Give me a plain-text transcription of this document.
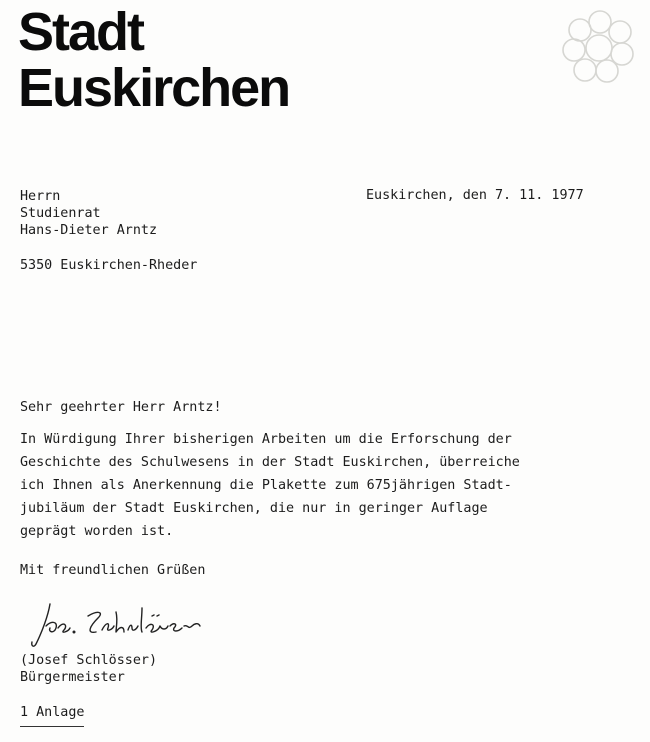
Stadt
Euskirchen
Herrn
Studienrat
Hans-Dieter Arntz
5350 Euskirchen-Rheder
Euskirchen, den 7. 11. 1977
Sehr geehrter Herr Arntz!
In Würdigung Ihrer bisherigen Arbeiten um die Erforschung der
Geschichte des Schulwesens in der Stadt Euskirchen, überreiche
ich Ihnen als Anerkennung die Plakette zum 675jährigen Stadt-
jubiläum der Stadt Euskirchen, die nur in geringer Auflage
geprägt worden ist.
Mit freundlichen Grüßen
(Josef Schlösser)
Bürgermeister
1 Anlage
